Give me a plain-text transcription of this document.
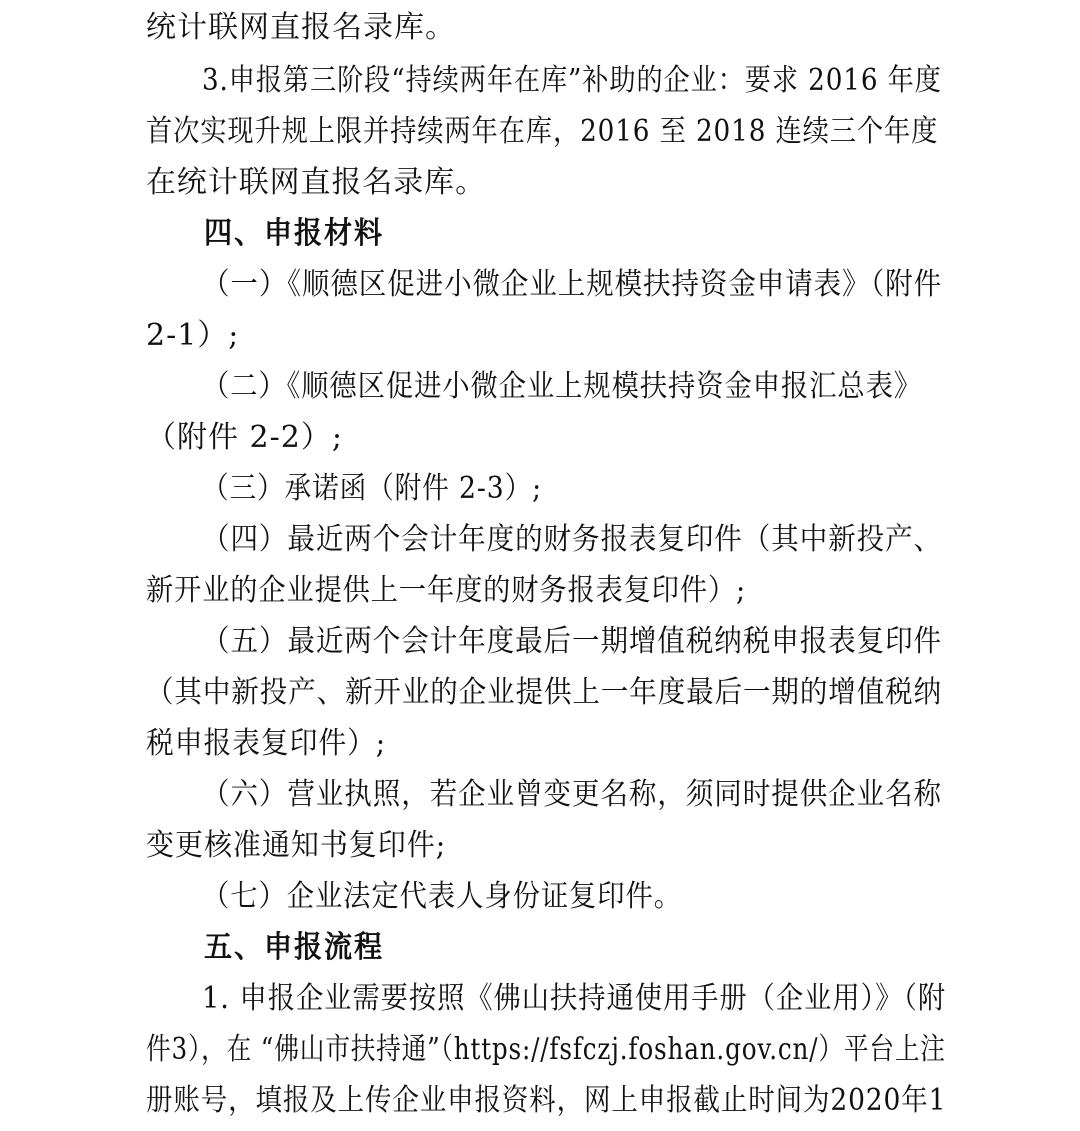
统计联网直报名录库。
3.申报第三阶段“持续两年在库”补助的企业：要求 2016 年度
首次实现升规上限并持续两年在库，2016 至 2018 连续三个年度
在统计联网直报名录库。
四、申报材料
（一）《顺德区促进小微企业上规模扶持资金申请表》（附件
2-1）;
（二）《顺德区促进小微企业上规模扶持资金申报汇总表》
（附件 2-2）;
（三）承诺函（附件 2-3）;
（四）最近两个会计年度的财务报表复印件（其中新投产、
新开业的企业提供上一年度的财务报表复印件）;
（五）最近两个会计年度最后一期增值税纳税申报表复印件
（其中新投产、新开业的企业提供上一年度最后一期的增值税纳
税申报表复印件）;
（六）营业执照，若企业曾变更名称，须同时提供企业名称
变更核准通知书复印件;
（七）企业法定代表人身份证复印件。
五、申报流程
1. 申报企业需要按照《佛山扶持通使用手册（企业用）》（附
件3），在 “佛山市扶持通”（https://fsfczj.foshan.gov.cn/）平台上注
册账号，填报及上传企业申报资料，网上申报截止时间为2020年1
